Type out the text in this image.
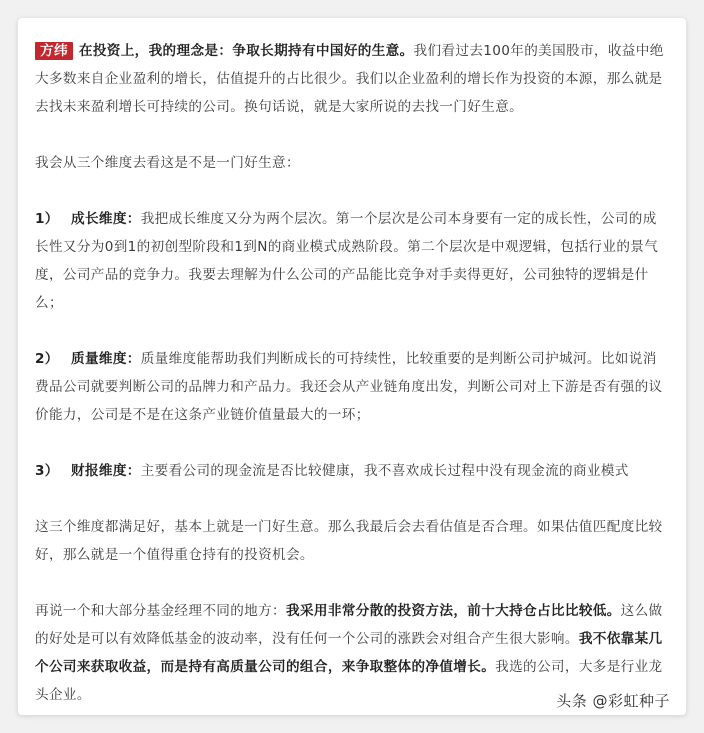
方纬 在投资上，我的理念是：争取长期持有中国好的生意。我们看过去100年的美国股市，收益中绝大多数来自企业盈利的增长，估值提升的占比很少。我们以企业盈利的增长作为投资的本源，那么就是去找未来盈利增长可持续的公司。换句话说，就是大家所说的去找一门好生意。

我会从三个维度去看这是不是一门好生意：

1） 成长维度：我把成长维度又分为两个层次。第一个层次是公司本身要有一定的成长性，公司的成长性又分为0到1的初创型阶段和1到N的商业模式成熟阶段。第二个层次是中观逻辑，包括行业的景气度，公司产品的竞争力。我要去理解为什么公司的产品能比竞争对手卖得更好，公司独特的逻辑是什么；

2） 质量维度：质量维度能帮助我们判断成长的可持续性，比较重要的是判断公司护城河。比如说消费品公司就要判断公司的品牌力和产品力。我还会从产业链角度出发，判断公司对上下游是否有强的议价能力，公司是不是在这条产业链价值量最大的一环；

3） 财报维度：主要看公司的现金流是否比较健康，我不喜欢成长过程中没有现金流的商业模式

这三个维度都满足好，基本上就是一门好生意。那么我最后会去看估值是否合理。如果估值匹配度比较好，那么就是一个值得重仓持有的投资机会。

再说一个和大部分基金经理不同的地方：我采用非常分散的投资方法，前十大持仓占比比较低。这么做的好处是可以有效降低基金的波动率，没有任何一个公司的涨跌会对组合产生很大影响。我不依靠某几个公司来获取收益，而是持有高质量公司的组合，来争取整体的净值增长。我选的公司，大多是行业龙头企业。	头条 @彩虹种子
